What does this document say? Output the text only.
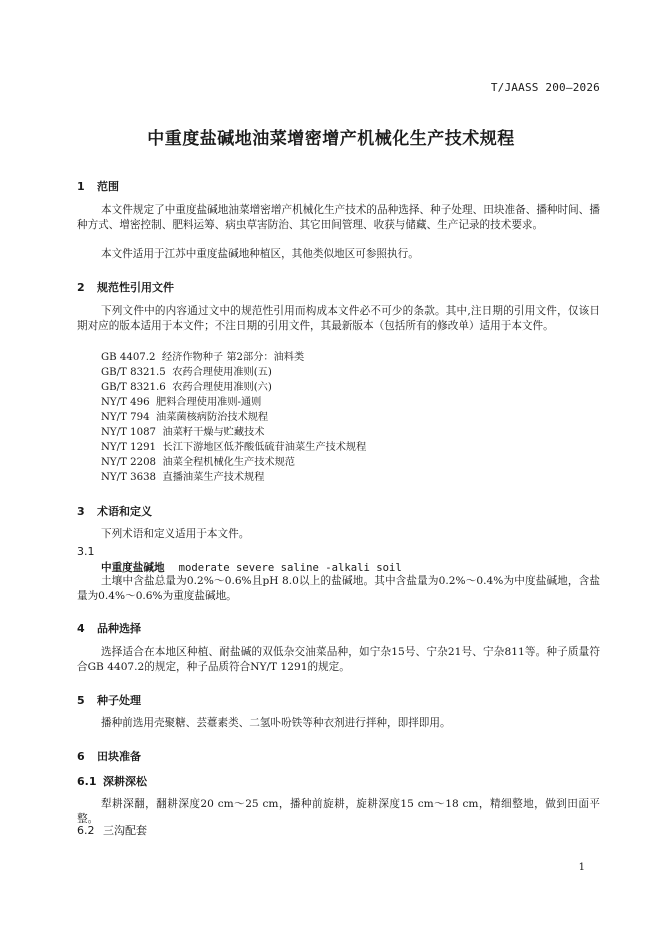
T/JAASS 200—2026
中重度盐碱地油菜增密增产机械化生产技术规程
1 范围
本文件规定了中重度盐碱地油菜增密增产机械化生产技术的品种选择、种子处理、田块准备、播种时间、播种方式、增密控制、肥料运筹、病虫草害防治、其它田间管理、收获与储藏、生产记录的技术要求。
本文件适用于江苏中重度盐碱地种植区，其他类似地区可参照执行。
2 规范性引用文件
下列文件中的内容通过文中的规范性引用而构成本文件必不可少的条款。其中,注日期的引用文件，仅该日期对应的版本适用于本文件；不注日期的引用文件，其最新版本（包括所有的修改单）适用于本文件。
GB 4407.2  经济作物种子 第2部分：油料类
GB/T 8321.5  农药合理使用准则(五)
GB/T 8321.6  农药合理使用准则(六)
NY/T 496  肥料合理使用准则-通则
NY/T 794  油菜菌核病防治技术规程
NY/T 1087  油菜籽干燥与贮藏技术
NY/T 1291  长江下游地区低芥酸低硫苷油菜生产技术规程
NY/T 2208  油菜全程机械化生产技术规范
NY/T 3638  直播油菜生产技术规程
3 术语和定义
下列术语和定义适用于本文件。
3.1
中重度盐碱地 moderate severe saline -alkali soil
土壤中含盐总量为0.2%～0.6%且pH 8.0以上的盐碱地。其中含盐量为0.2%～0.4%为中度盐碱地，含盐量为0.4%～0.6%为重度盐碱地。
4 品种选择
选择适合在本地区种植、耐盐碱的双低杂交油菜品种，如宁杂15号、宁杂21号、宁杂811等。种子质量符合GB 4407.2的规定，种子品质符合NY/T 1291的规定。
5 种子处理
播种前选用壳聚糖、芸薹素类、二氢卟吩铁等种衣剂进行拌种，即拌即用。
6 田块准备
6.1 深耕深松
犁耕深翻，翻耕深度20 cm～25 cm，播种前旋耕，旋耕深度15 cm～18 cm，精细整地，做到田面平整。
6.2 三沟配套
1
